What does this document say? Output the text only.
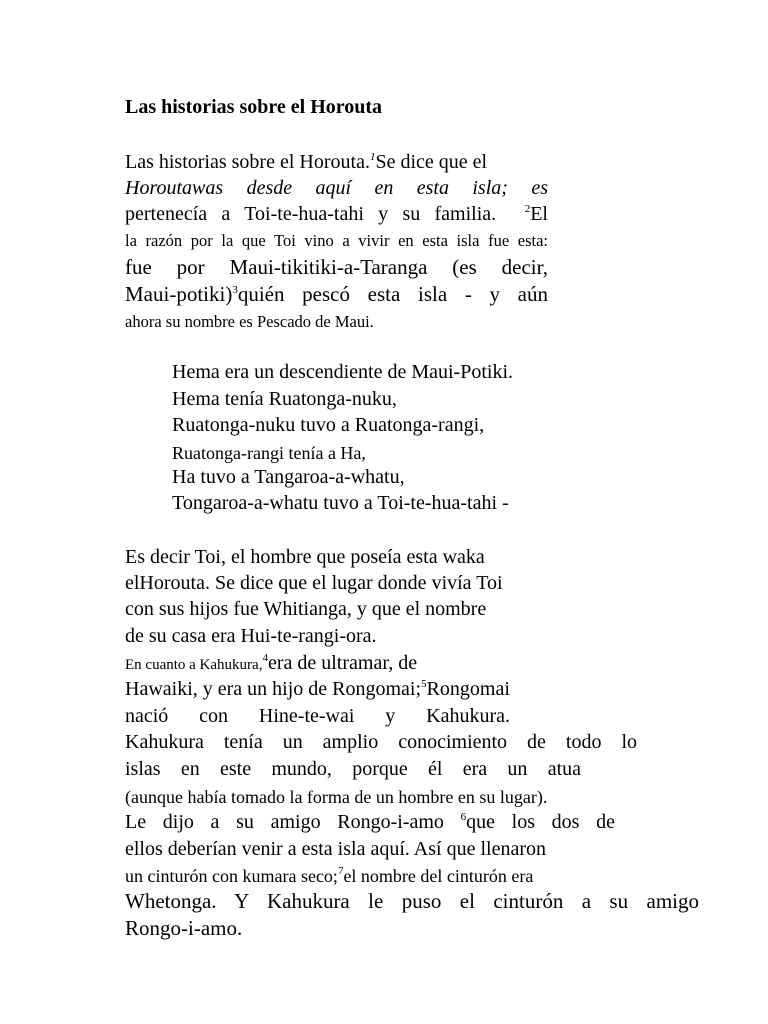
Las historias sobre el Horouta
Las historias sobre el Horouta.$^1$Se dice que el
Horoutawas desde aquí en esta isla; es
pertenecía a Toi-te-hua-tahi y su familia.	$^2$El
la razón por la que Toi vino a vivir en esta isla fue esta:
fue por Maui-tikitiki-a-Taranga (es decir,
Maui-potiki)$^3$quién pescó esta isla - y aún
ahora su nombre es Pescado de Maui.
Hema era un descendiente de Maui-Potiki.
Hema tenía Ruatonga-nuku,
Ruatonga-nuku tuvo a Ruatonga-rangi,
Ruatonga-rangi tenía a Ha,
Ha tuvo a Tangaroa-a-whatu,
Tongaroa-a-whatu tuvo a Toi-te-hua-tahi -
Es decir Toi, el hombre que poseía esta waka
elHorouta. Se dice que el lugar donde vivía Toi
con sus hijos fue Whitianga, y que el nombre
de su casa era Hui-te-rangi-ora.
En cuanto a Kahukura,$^4$era de ultramar, de
Hawaiki, y era un hijo de Rongomai;$^5$Rongomai
nació con Hine-te-wai y Kahukura.
Kahukura tenía un amplio conocimiento de todo lo
islas en este mundo, porque él era un atua
(aunque había tomado la forma de un hombre en su lugar).
Le dijo a su amigo Rongo-i-amo $^6$que los dos de
ellos deberían venir a esta isla aquí. Así que llenaron
un cinturón con kumara seco;$^7$el nombre del cinturón era
Whetonga. Y Kahukura le puso el cinturón a su amigo
Rongo-i-amo.
